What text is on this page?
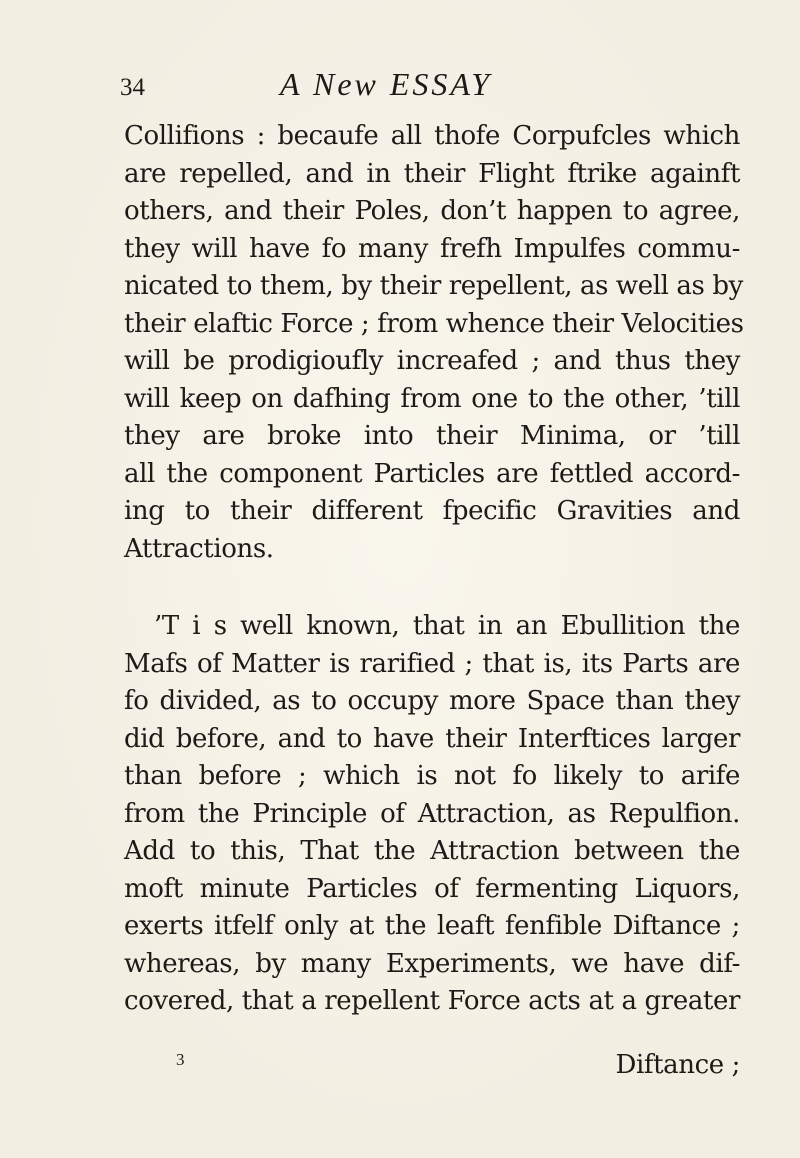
34	A New ESSAY
Collifions : becaufe all thofe Corpufcles which
are repelled, and in their Flight ftrike againft
others, and their Poles, don’t happen to agree,
they will have fo many frefh Impulfes commu-
nicated to them, by their repellent, as well as by
their elaftic Force ; from whence their Velocities
will be prodigioufly increafed ; and thus they
will keep on dafhing from one to the other, ’till
they are broke into their Minima, or ’till
all the component Particles are fettled accord-
ing to their different fpecific Gravities and
Attractions.
’T i s well known, that in an Ebullition the
Mafs of Matter is rarified ; that is, its Parts are
fo divided, as to occupy more Space than they
did before, and to have their Interftices larger
than before ; which is not fo likely to arife
from the Principle of Attraction, as Repulfion.
Add to this, That the Attraction between the
moft minute Particles of fermenting Liquors,
exerts itfelf only at the leaft fenfible Diftance ;
whereas, by many Experiments, we have dif-
covered, that a repellent Force acts at a greater
3	Diftance ;
